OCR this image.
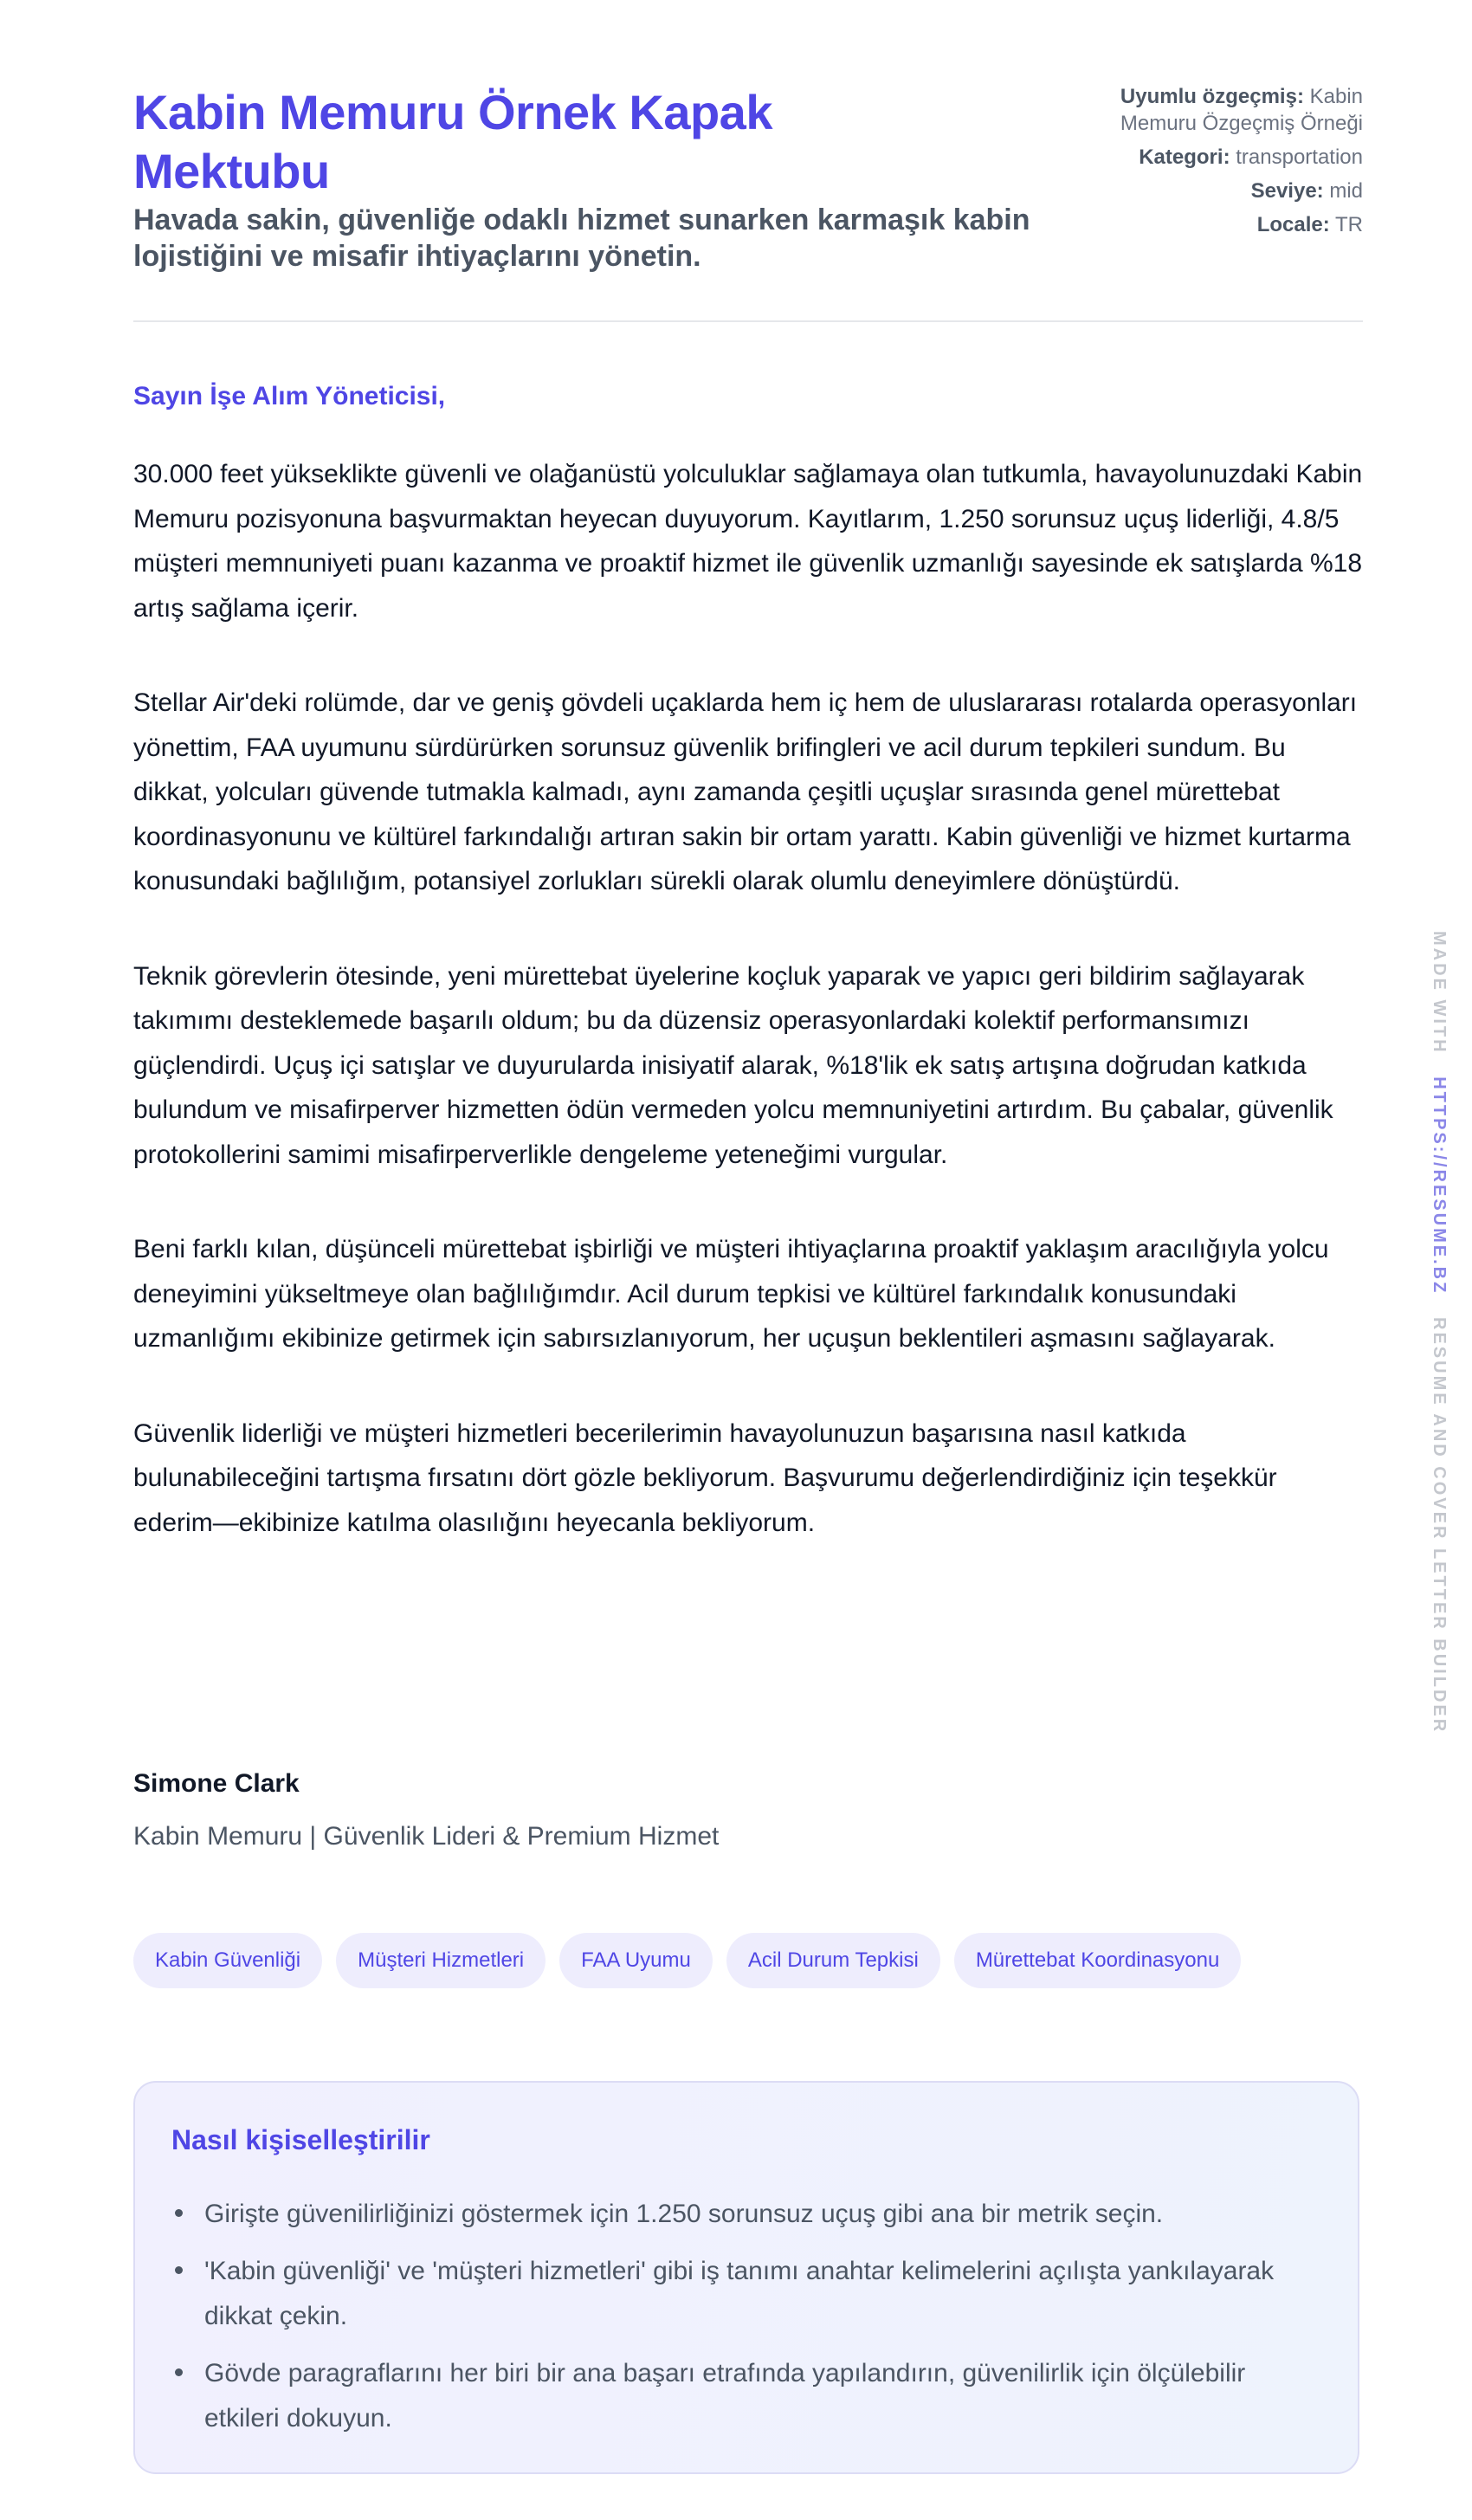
Kabin Memuru Örnek Kapak Mektubu

Havada sakin, güvenliğe odaklı hizmet sunarken karmaşık kabin lojistiğini ve misafir ihtiyaçlarını yönetin.

Uyumlu özgeçmiş: Kabin Memuru Özgeçmiş Örneği

Kategori: transportation

Seviye: mid

Locale: TR

Sayın İşe Alım Yöneticisi,

30.000 feet yükseklikte güvenli ve olağanüstü yolculuklar sağlamaya olan tutkumla, havayolunuzdaki Kabin Memuru pozisyonuna başvurmaktan heyecan duyuyorum. Kayıtlarım, 1.250 sorunsuz uçuş liderliği, 4.8/5 müşteri memnuniyeti puanı kazanma ve proaktif hizmet ile güvenlik uzmanlığı sayesinde ek satışlarda %18 artış sağlama içerir.

Stellar Air'deki rolümde, dar ve geniş gövdeli uçaklarda hem iç hem de uluslararası rotalarda operasyonları yönettim, FAA uyumunu sürdürürken sorunsuz güvenlik brifingleri ve acil durum tepkileri sundum. Bu dikkat, yolcuları güvende tutmakla kalmadı, aynı zamanda çeşitli uçuşlar sırasında genel mürettebat koordinasyonunu ve kültürel farkındalığı artıran sakin bir ortam yarattı. Kabin güvenliği ve hizmet kurtarma konusundaki bağlılığım, potansiyel zorlukları sürekli olarak olumlu deneyimlere dönüştürdü.

Teknik görevlerin ötesinde, yeni mürettebat üyelerine koçluk yaparak ve yapıcı geri bildirim sağlayarak takımımı desteklemede başarılı oldum; bu da düzensiz operasyonlardaki kolektif performansımızı güçlendirdi. Uçuş içi satışlar ve duyurularda inisiyatif alarak, %18'lik ek satış artışına doğrudan katkıda bulundum ve misafirperver hizmetten ödün vermeden yolcu memnuniyetini artırdım. Bu çabalar, güvenlik protokollerini samimi misafirperverlikle dengeleme yeteneğimi vurgular.

Beni farklı kılan, düşünceli mürettebat işbirliği ve müşteri ihtiyaçlarına proaktif yaklaşım aracılığıyla yolcu deneyimini yükseltmeye olan bağlılığımdır. Acil durum tepkisi ve kültürel farkındalık konusundaki uzmanlığımı ekibinize getirmek için sabırsızlanıyorum, her uçuşun beklentileri aşmasını sağlayarak.

Güvenlik liderliği ve müşteri hizmetleri becerilerimin havayolunuzun başarısına nasıl katkıda bulunabileceğini tartışma fırsatını dört gözle bekliyorum. Başvurumu değerlendirdiğiniz için teşekkür ederim—ekibinize katılma olasılığını heyecanla bekliyorum.

Simone Clark

Kabin Memuru | Güvenlik Lideri & Premium Hizmet

Kabin Güvenliği	Müşteri Hizmetleri	FAA Uyumu	Acil Durum Tepkisi	Mürettebat Koordinasyonu
Nasıl kişiselleştirilir
Girişte güvenilirliğinizi göstermek için 1.250 sorunsuz uçuş gibi ana bir metrik seçin.
'Kabin güvenliği' ve 'müşteri hizmetleri' gibi iş tanımı anahtar kelimelerini açılışta yankılayarak dikkat çekin.
Gövde paragraflarını her biri bir ana başarı etrafında yapılandırın, güvenilirlik için ölçülebilir etkileri dokuyun.
MADE WITH   HTTPS://RESUME.BZ   RESUME AND COVER LETTER BUILDER
